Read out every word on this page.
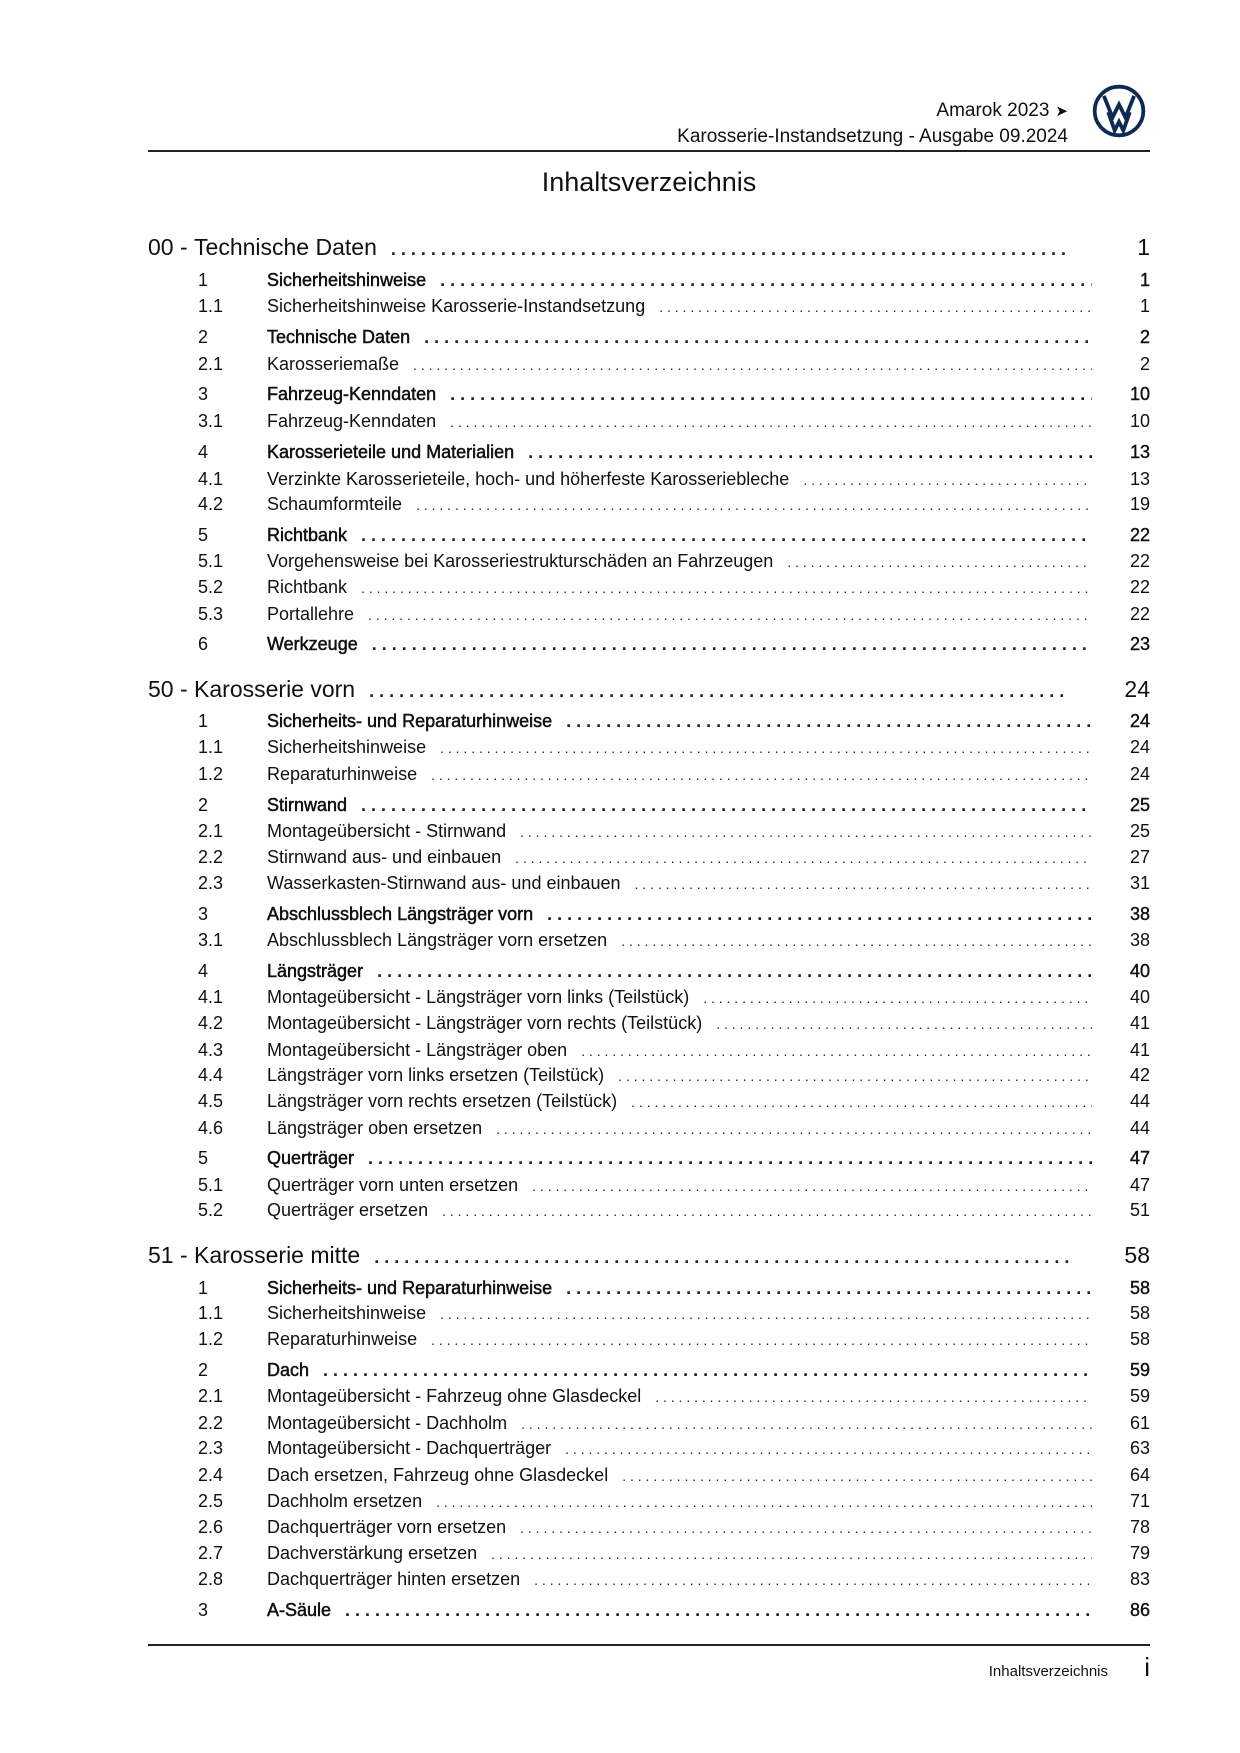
Amarok 2023 ➤
Karosserie-Instandsetzung - Ausgabe 09.2024
Inhaltsverzeichnis
00 - Technische Daten . . .	1
1	Sicherheitshinweise . . .	1
1.1	Sicherheitshinweise Karosserie-Instandsetzung . . .	1
2	Technische Daten . . .	2
2.1	Karosseriemaße . . .	2
3	Fahrzeug-Kenndaten . . .	10
3.1	Fahrzeug-Kenndaten . . .	10
4	Karosserieteile und Materialien . . .	13
4.1	Verzinkte Karosserieteile, hoch- und höherfeste Karosseriebleche . . .	13
4.2	Schaumformteile . . .	19
5	Richtbank . . .	22
5.1	Vorgehensweise bei Karosseriestrukturschäden an Fahrzeugen . . .	22
5.2	Richtbank . . .	22
5.3	Portallehre . . .	22
6	Werkzeuge . . .	23
50 - Karosserie vorn . . .	24
1	Sicherheits- und Reparaturhinweise . . .	24
1.1	Sicherheitshinweise . . .	24
1.2	Reparaturhinweise . . .	24
2	Stirnwand . . .	25
2.1	Montageübersicht - Stirnwand . . .	25
2.2	Stirnwand aus- und einbauen . . .	27
2.3	Wasserkasten-Stirnwand aus- und einbauen . . .	31
3	Abschlussblech Längsträger vorn . . .	38
3.1	Abschlussblech Längsträger vorn ersetzen . . .	38
4	Längsträger . . .	40
4.1	Montageübersicht - Längsträger vorn links (Teilstück) . . .	40
4.2	Montageübersicht - Längsträger vorn rechts (Teilstück) . . .	41
4.3	Montageübersicht - Längsträger oben . . .	41
4.4	Längsträger vorn links ersetzen (Teilstück) . . .	42
4.5	Längsträger vorn rechts ersetzen (Teilstück) . . .	44
4.6	Längsträger oben ersetzen . . .	44
5	Querträger . . .	47
5.1	Querträger vorn unten ersetzen . . .	47
5.2	Querträger ersetzen . . .	51
51 - Karosserie mitte . . .	58
1	Sicherheits- und Reparaturhinweise . . .	58
1.1	Sicherheitshinweise . . .	58
1.2	Reparaturhinweise . . .	58
2	Dach . . .	59
2.1	Montageübersicht - Fahrzeug ohne Glasdeckel . . .	59
2.2	Montageübersicht - Dachholm . . .	61
2.3	Montageübersicht - Dachquerträger . . .	63
2.4	Dach ersetzen, Fahrzeug ohne Glasdeckel . . .	64
2.5	Dachholm ersetzen . . .	71
2.6	Dachquerträger vorn ersetzen . . .	78
2.7	Dachverstärkung ersetzen . . .	79
2.8	Dachquerträger hinten ersetzen . . .	83
3	A-Säule . . .	86
Inhaltsverzeichnis i
